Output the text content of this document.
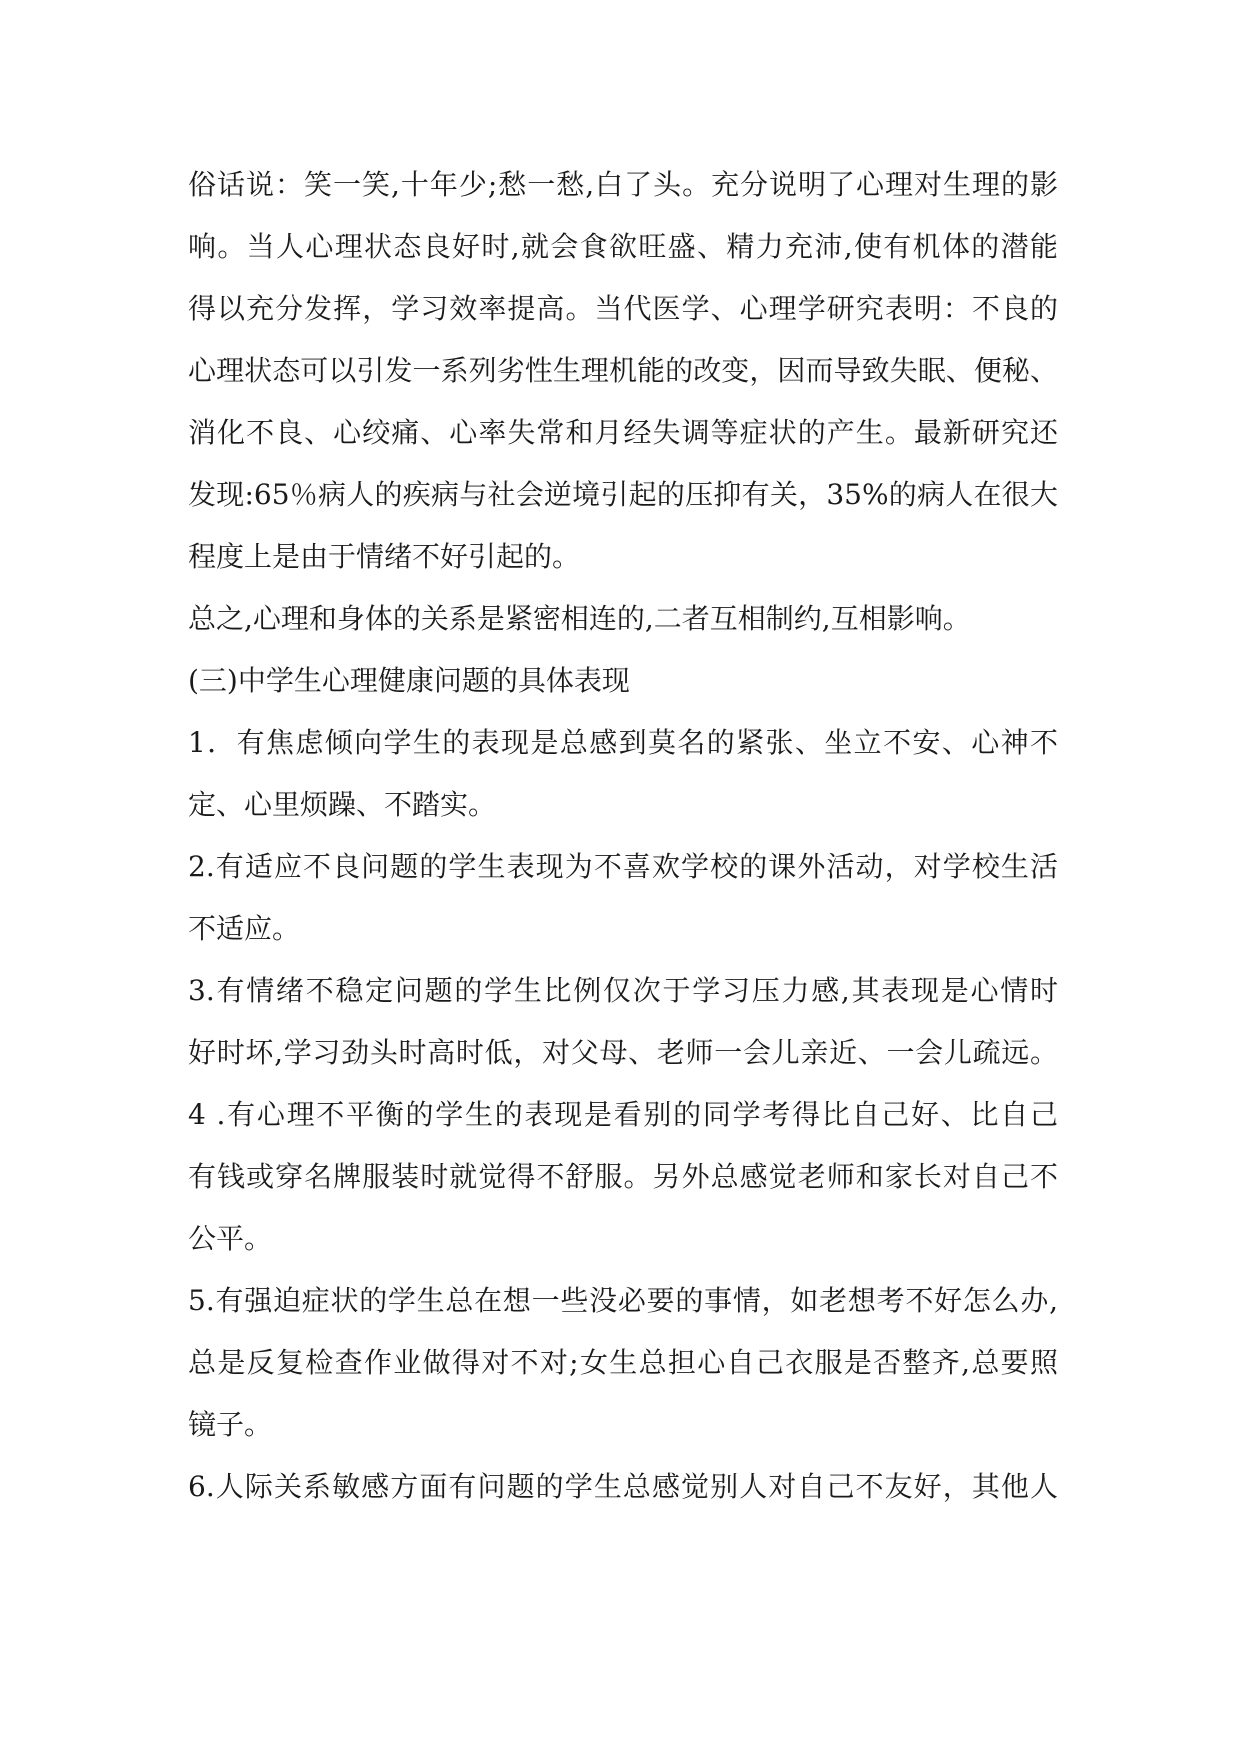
俗话说：笑一笑,十年少;愁一愁,白了头。充分说明了心理对生理的影
响。当人心理状态良好时,就会食欲旺盛、精力充沛,使有机体的潜能
得以充分发挥，学习效率提高。当代医学、心理学研究表明：不良的
心理状态可以引发一系列劣性生理机能的改变，因而导致失眠、便秘、
消化不良、心绞痛、心率失常和月经失调等症状的产生。最新研究还
发现:65％病人的疾病与社会逆境引起的压抑有关，35%的病人在很大
程度上是由于情绪不好引起的。
总之,心理和身体的关系是紧密相连的,二者互相制约,互相影响。
(三)中学生心理健康问题的具体表现
1．有焦虑倾向学生的表现是总感到莫名的紧张、坐立不安、心神不
定、心里烦躁、不踏实。
2.有适应不良问题的学生表现为不喜欢学校的课外活动，对学校生活
不适应。
3.有情绪不稳定问题的学生比例仅次于学习压力感,其表现是心情时
好时坏,学习劲头时高时低，对父母、老师一会儿亲近、一会儿疏远。
4 .有心理不平衡的学生的表现是看别的同学考得比自己好、比自己
有钱或穿名牌服装时就觉得不舒服。另外总感觉老师和家长对自己不
公平。
5.有强迫症状的学生总在想一些没必要的事情，如老想考不好怎么办,
总是反复检查作业做得对不对;女生总担心自己衣服是否整齐,总要照
镜子。
6.人际关系敏感方面有问题的学生总感觉别人对自己不友好，其他人
